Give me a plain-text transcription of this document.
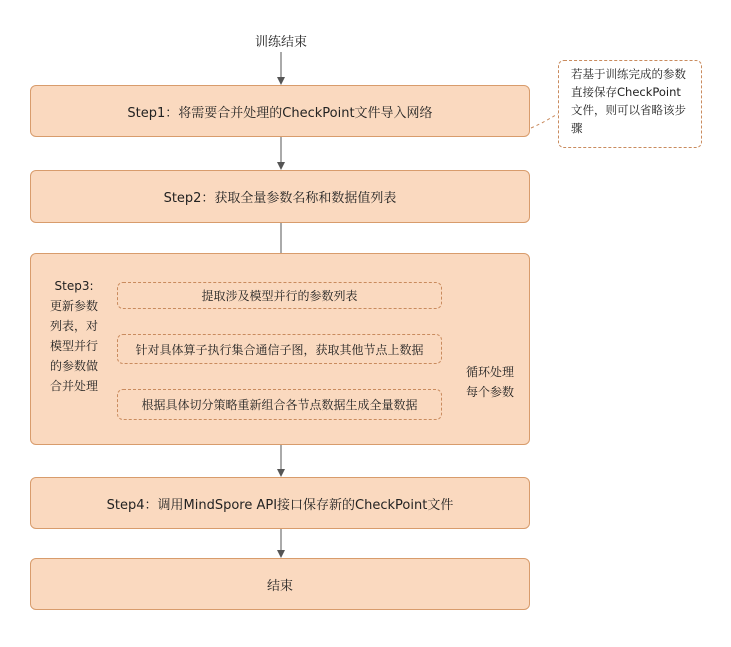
训练结束
Step1：将需要合并处理的CheckPoint文件导入网络
若基于训练完成的参数
直接保存CheckPoint
文件，则可以省略该步
骤
Step2：获取全量参数名称和数据值列表
Step3:
更新参数
列表，对
模型并行
的参数做
合并处理
提取涉及模型并行的参数列表
针对具体算子执行集合通信子图，获取其他节点上数据
根据具体切分策略重新组合各节点数据生成全量数据
循环处理
每个参数
Step4：调用MindSpore API接口保存新的CheckPoint文件
结束
